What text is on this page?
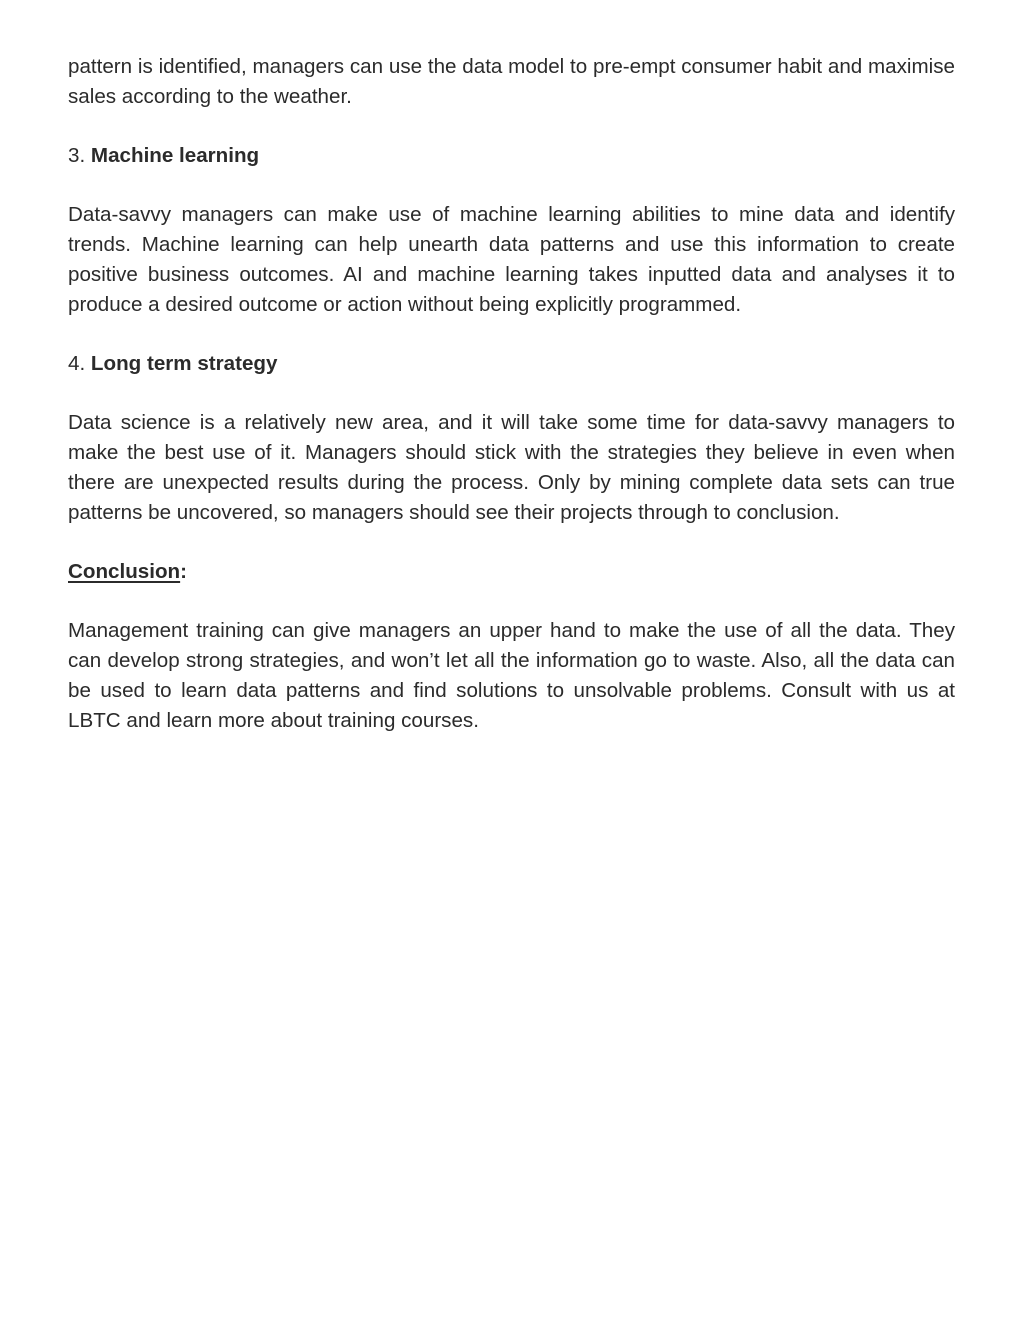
pattern is identified, managers can use the data model to pre-empt consumer habit and maximise sales according to the weather.

3. Machine learning

Data-savvy managers can make use of machine learning abilities to mine data and identify trends. Machine learning can help unearth data patterns and use this information to create positive business outcomes. AI and machine learning takes inputted data and analyses it to produce a desired outcome or action without being explicitly programmed.

4. Long term strategy

Data science is a relatively new area, and it will take some time for data-savvy managers to make the best use of it. Managers should stick with the strategies they believe in even when there are unexpected results during the process. Only by mining complete data sets can true patterns be uncovered, so managers should see their projects through to conclusion.

Conclusion:

Management training can give managers an upper hand to make the use of all the data. They can develop strong strategies, and won’t let all the information go to waste. Also, all the data can be used to learn data patterns and find solutions to unsolvable problems. Consult with us at LBTC and learn more about training courses.
